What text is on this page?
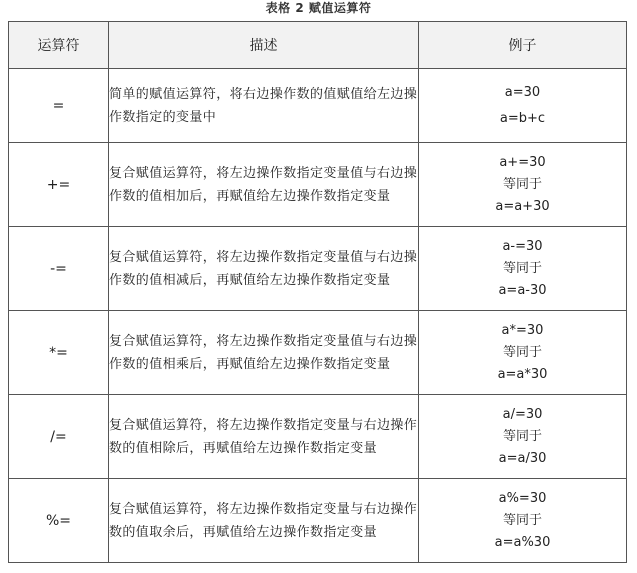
表格 2 赋值运算符
运算符	描述	例子
=	简单的赋值运算符，将右边操作数的值赋值给左边操作数指定的变量中	a=30
a=b+c

+=	复合赋值运算符，将左边操作数指定变量值与右边操作数的值相加后，再赋值给左边操作数指定变量	a+=30
等同于
a=a+30

-=	复合赋值运算符，将左边操作数指定变量值与右边操作数的值相减后，再赋值给左边操作数指定变量	a-=30
等同于
a=a-30

*=	复合赋值运算符，将左边操作数指定变量值与右边操作数的值相乘后，再赋值给左边操作数指定变量	a*=30
等同于
a=a*30

/=	复合赋值运算符，将左边操作数指定变量与右边操作数的值相除后，再赋值给左边操作数指定变量	a/=30
等同于
a=a/30

%=	复合赋值运算符，将左边操作数指定变量与右边操作数的值取余后，再赋值给左边操作数指定变量	a%=30
等同于
a=a%30
